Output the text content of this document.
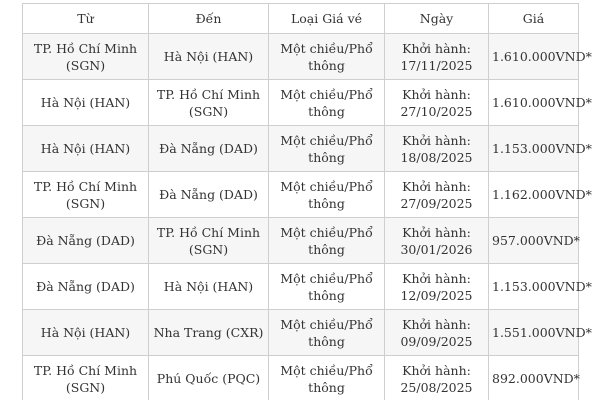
Từ	Đến	Loại Giá vé	Ngày	Giá
TP. Hồ Chí Minh (SGN)	Hà Nội (HAN)	Một chiều/Phổ thông	Khởi hành: 17/11/2025	1.610.000VND*
Hà Nội (HAN)	TP. Hồ Chí Minh (SGN)	Một chiều/Phổ thông	Khởi hành: 27/10/2025	1.610.000VND*
Hà Nội (HAN)	Đà Nẵng (DAD)	Một chiều/Phổ thông	Khởi hành: 18/08/2025	1.153.000VND*
TP. Hồ Chí Minh (SGN)	Đà Nẵng (DAD)	Một chiều/Phổ thông	Khởi hành: 27/09/2025	1.162.000VND*
Đà Nẵng (DAD)	TP. Hồ Chí Minh (SGN)	Một chiều/Phổ thông	Khởi hành: 30/01/2026	957.000VND*
Đà Nẵng (DAD)	Hà Nội (HAN)	Một chiều/Phổ thông	Khởi hành: 12/09/2025	1.153.000VND*
Hà Nội (HAN)	Nha Trang (CXR)	Một chiều/Phổ thông	Khởi hành: 09/09/2025	1.551.000VND*
TP. Hồ Chí Minh (SGN)	Phú Quốc (PQC)	Một chiều/Phổ thông	Khởi hành: 25/08/2025	892.000VND*
